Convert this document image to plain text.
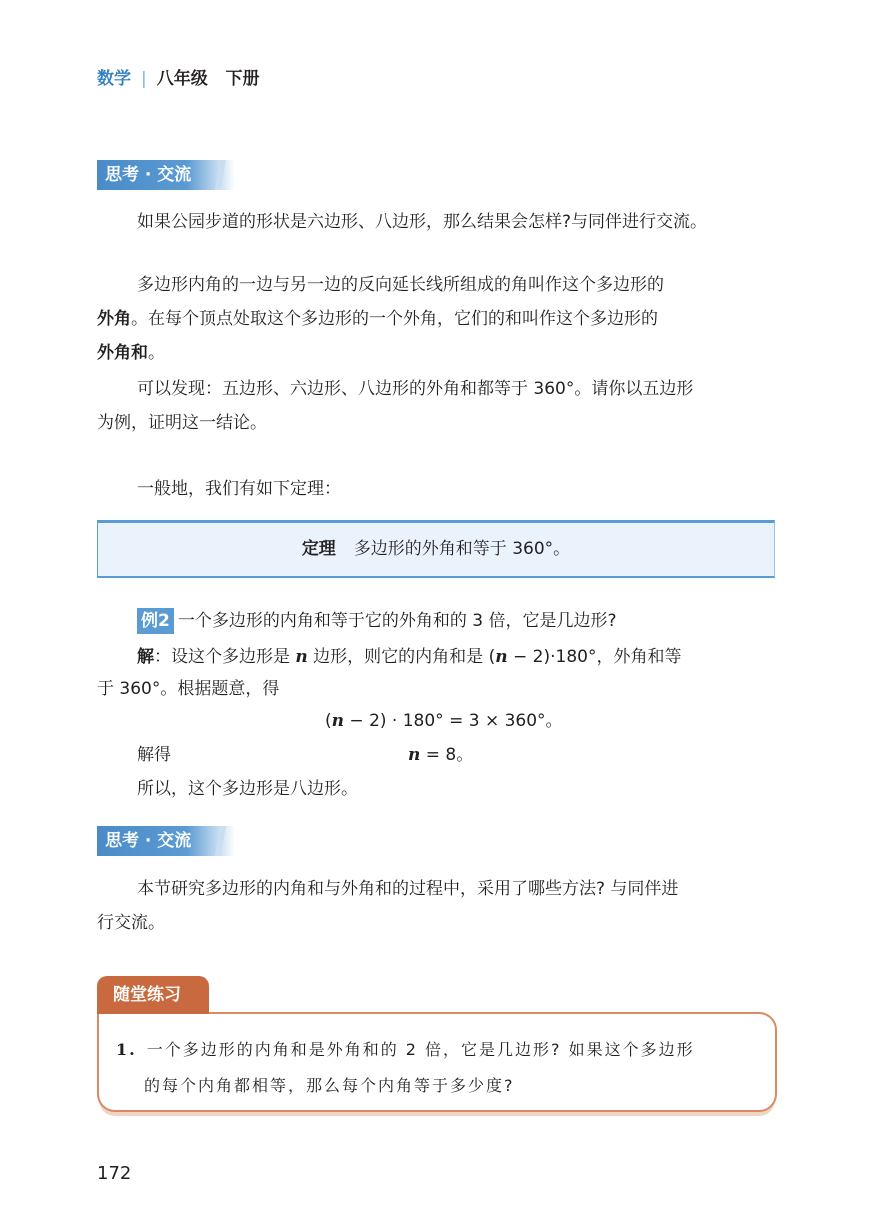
数学 | 八年级   下册
思考 · 交流
如果公园步道的形状是六边形、八边形，那么结果会怎样?与同伴进行交流。
多边形内角的一边与另一边的反向延长线所组成的角叫作这个多边形的
外角。在每个顶点处取这个多边形的一个外角，它们的和叫作这个多边形的
外角和。
可以发现：五边形、六边形、八边形的外角和都等于 360°。请你以五边形
为例，证明这一结论。
一般地，我们有如下定理：
定理 多边形的外角和等于 360°。
例2 一个多边形的内角和等于它的外角和的 3 倍，它是几边形?
解：设这个多边形是 n 边形，则它的内角和是 (n − 2)·180°，外角和等
于 360°。根据题意，得
(n − 2) · 180° = 3 × 360°。
解得	n = 8。
所以，这个多边形是八边形。
思考 · 交流
本节研究多边形的内角和与外角和的过程中，采用了哪些方法? 与同伴进
行交流。
随堂练习
1. 一个多边形的内角和是外角和的 2 倍，它是几边形? 如果这个多边形
的每个内角都相等，那么每个内角等于多少度?
172
